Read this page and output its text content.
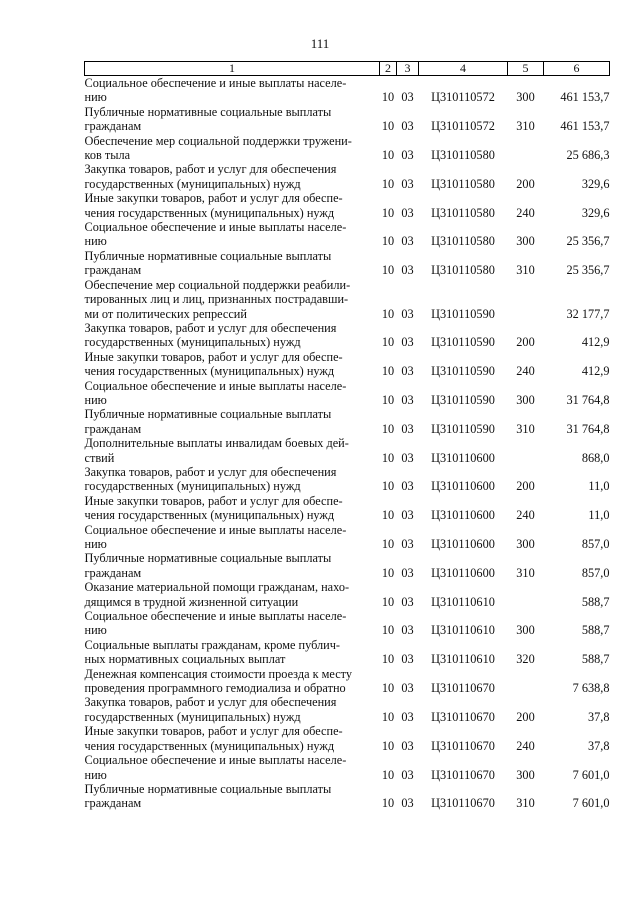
111
1	2	3	4	5	6

Социальное обеспечение и иные выплаты населе-
нию	10	03	Ц310110572	300	461 153,7

Публичные нормативные социальные выплаты
гражданам	10	03	Ц310110572	310	461 153,7

Обеспечение мер социальной поддержки тружени-
ков тыла	10	03	Ц310110580		25 686,3

Закупка товаров, работ и услуг для обеспечения
государственных (муниципальных) нужд	10	03	Ц310110580	200	329,6

Иные закупки товаров, работ и услуг для обеспе-
чения государственных (муниципальных) нужд	10	03	Ц310110580	240	329,6

Социальное обеспечение и иные выплаты населе-
нию	10	03	Ц310110580	300	25 356,7

Публичные нормативные социальные выплаты
гражданам	10	03	Ц310110580	310	25 356,7

Обеспечение мер социальной поддержки реабили-
тированных лиц и лиц, признанных пострадавши-
ми от политических репрессий	10	03	Ц310110590		32 177,7

Закупка товаров, работ и услуг для обеспечения
государственных (муниципальных) нужд	10	03	Ц310110590	200	412,9

Иные закупки товаров, работ и услуг для обеспе-
чения государственных (муниципальных) нужд	10	03	Ц310110590	240	412,9

Социальное обеспечение и иные выплаты населе-
нию	10	03	Ц310110590	300	31 764,8

Публичные нормативные социальные выплаты
гражданам	10	03	Ц310110590	310	31 764,8

Дополнительные выплаты инвалидам боевых дей-
ствий	10	03	Ц310110600		868,0

Закупка товаров, работ и услуг для обеспечения
государственных (муниципальных) нужд	10	03	Ц310110600	200	11,0

Иные закупки товаров, работ и услуг для обеспе-
чения государственных (муниципальных) нужд	10	03	Ц310110600	240	11,0

Социальное обеспечение и иные выплаты населе-
нию	10	03	Ц310110600	300	857,0

Публичные нормативные социальные выплаты
гражданам	10	03	Ц310110600	310	857,0

Оказание материальной помощи гражданам, нахо-
дящимся в трудной жизненной ситуации	10	03	Ц310110610		588,7

Социальное обеспечение и иные выплаты населе-
нию	10	03	Ц310110610	300	588,7

Социальные выплаты гражданам, кроме публич-
ных нормативных социальных выплат	10	03	Ц310110610	320	588,7

Денежная компенсация стоимости проезда к месту
проведения программного гемодиализа и обратно	10	03	Ц310110670		7 638,8

Закупка товаров, работ и услуг для обеспечения
государственных (муниципальных) нужд	10	03	Ц310110670	200	37,8

Иные закупки товаров, работ и услуг для обеспе-
чения государственных (муниципальных) нужд	10	03	Ц310110670	240	37,8

Социальное обеспечение и иные выплаты населе-
нию	10	03	Ц310110670	300	7 601,0

Публичные нормативные социальные выплаты
гражданам	10	03	Ц310110670	310	7 601,0
